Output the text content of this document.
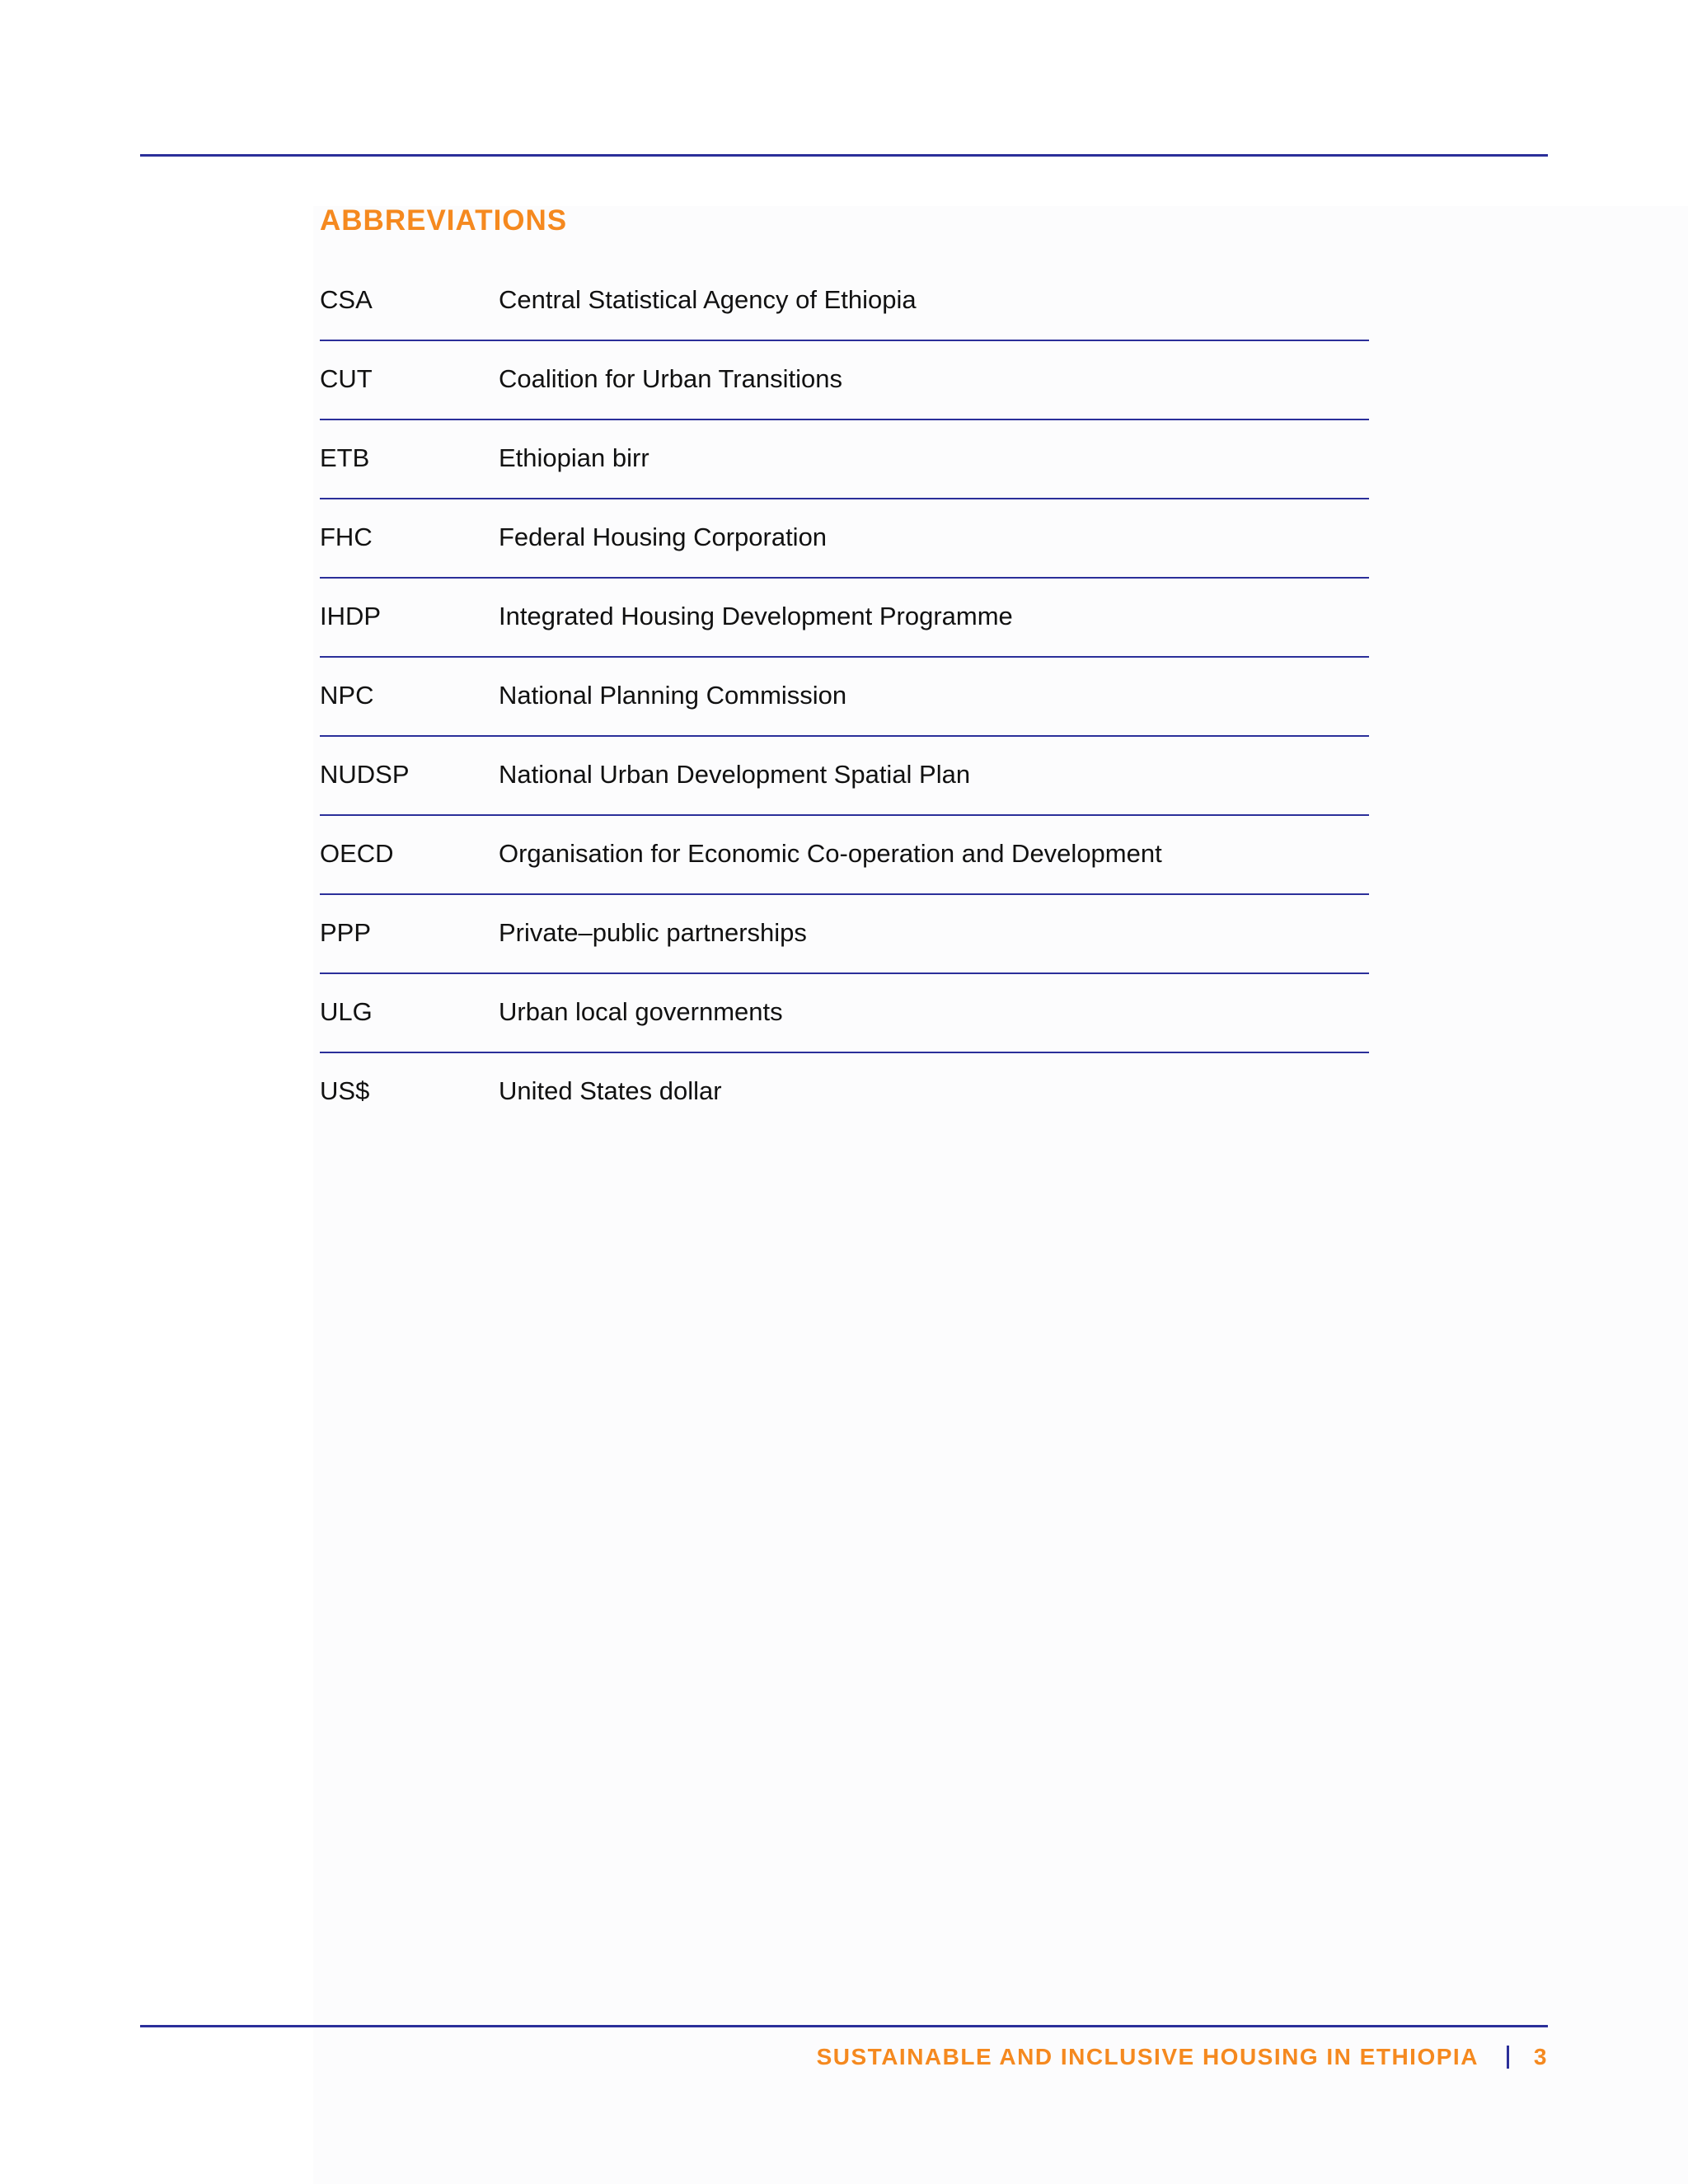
ABBREVIATIONS
CSA	Central Statistical Agency of Ethiopia
CUT	Coalition for Urban Transitions
ETB	Ethiopian birr
FHC	Federal Housing Corporation
IHDP	Integrated Housing Development Programme
NPC	National Planning Commission
NUDSP	National Urban Development Spatial Plan
OECD	Organisation for Economic Co-operation and Development
PPP	Private–public partnerships
ULG	Urban local governments
US$	United States dollar
SUSTAINABLE AND INCLUSIVE HOUSING IN ETHIOPIA 3
